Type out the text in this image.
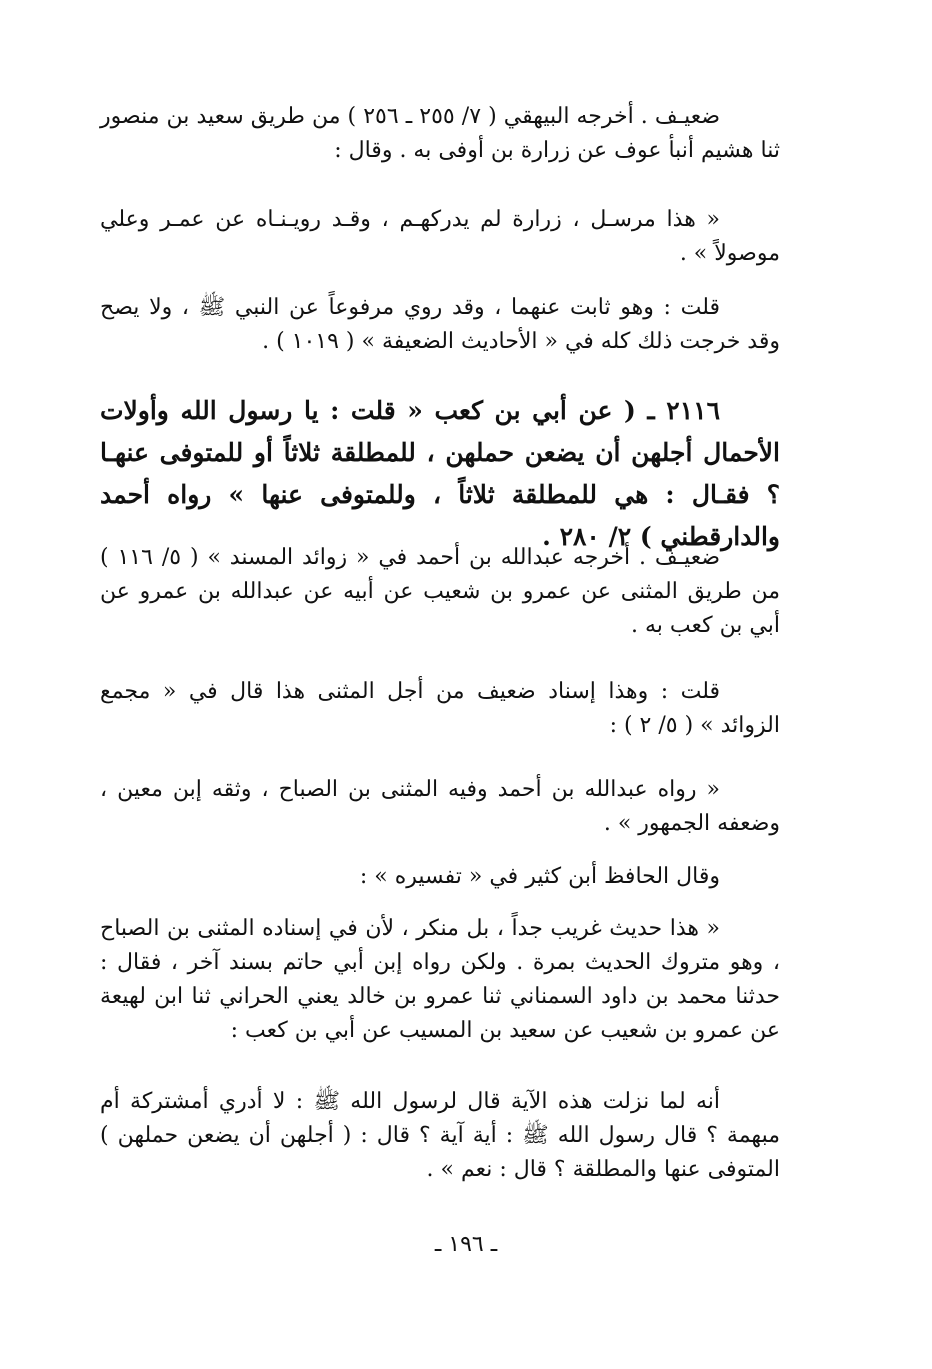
ضعيـف . أخرجه البيهقي ( ٧/ ٢٥٥ ـ ٢٥٦ ) من طريق سعيد بن منصور ثنا هشيم أنبأ عوف عن زرارة بن أوفى به . وقال :

« هذا مرسـل ، زرارة لم يدركهـم ، وقـد رويـنـاه عن عمـر وعلي موصولاً » .

قلت : وهو ثابت عنهما ، وقد روي مرفوعاً عن النبي ﷺ ، ولا يصح وقد خرجت ذلك كله في « الأحاديث الضعيفة » ( ١٠١٩ ) .

٢١١٦ ـ ( عن أبي بن كعب « قلت : يا رسول الله وأولات الأحمال أجلهن أن يضعن حملهن ، للمطلقة ثلاثاً أو للمتوفى عنهـا ؟ فقـال : هي للمطلقة ثلاثاً ، وللمتوفى عنها » رواه أحمد والدارقطني ) ٢/ ٢٨٠ .

ضعيـف . أخرجه عبدالله بن أحمد في « زوائد المسند » ( ٥/ ١١٦ ) من طريق المثنى عن عمرو بن شعيب عن أبيه عن عبدالله بن عمرو عن أبي بن كعب به .

قلت : وهذا إسناد ضعيف من أجل المثنى هذا قال في « مجمع الزوائد » ( ٥/ ٢ ) :

« رواه عبدالله بن أحمد وفيه المثنى بن الصباح ، وثقه إبن معين ، وضعفه الجمهور » .

وقال الحافظ أبن كثير في « تفسيره » :

« هذا حديث غريب جداً ، بل منكر ، لأن في إسناده المثنى بن الصباح ، وهو متروك الحديث بمرة . ولكن رواه إبن أبي حاتم بسند آخر ، فقال : حدثنا محمد بن داود السمناني ثنا عمرو بن خالد يعني الحراني ثنا ابن لهيعة عن عمرو بن شعيب عن سعيد بن المسيب عن أبي بن كعب :

أنه لما نزلت هذه الآية قال لرسول الله ﷺ : لا أدري أمشتركة أم مبهمة ؟ قال رسول الله ﷺ : أية آية ؟ قال : ( أجلهن أن يضعن حملهن ) المتوفى عنها والمطلقة ؟ قال : نعم » .

ـ ١٩٦ ـ
